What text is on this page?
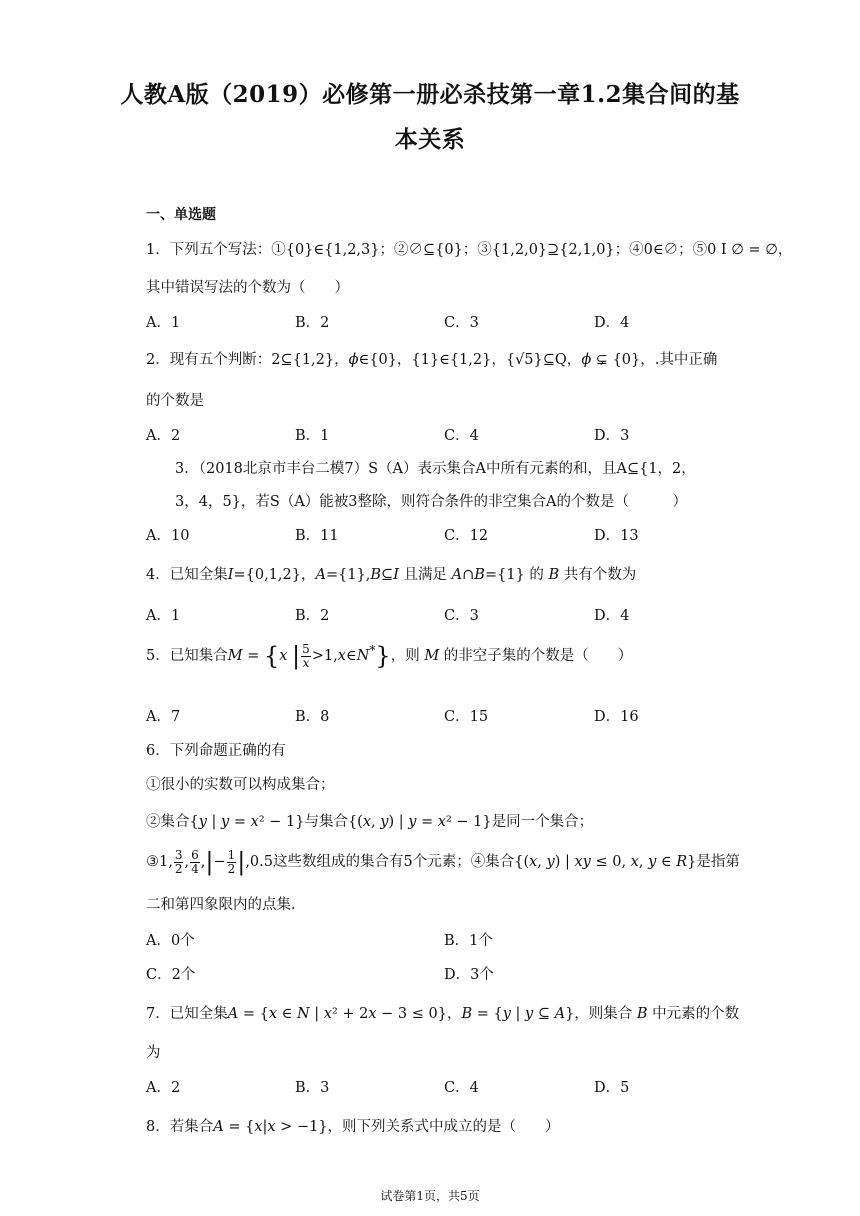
人教A版（2019）必修第一册必杀技第一章1.2集合间的基
本关系
一、单选题
1．下列五个写法：①{0}∈{1,2,3}；②∅⊆{0}；③{1,2,0}⊇{2,1,0}；④0∈∅；⑤0 I ∅ = ∅，
其中错误写法的个数为（　　）
A．1	B．2	C．3	D．4
2．现有五个判断：2⊆{1,2}，ϕ∈{0}，{1}∈{1,2}，{√5}⊆Q，ϕ ⊊ {0}，.其中正确
的个数是
A．2	B．1	C．4	D．3
3．（2018北京市丰台二模7）S（A）表示集合A中所有元素的和，且A⊆{1，2，
3，4，5}，若S（A）能被3整除，则符合条件的非空集合A的个数是（　　　）
A．10	B．11	C．12	D．13
4．已知全集I={0,1,2}，A={1},B⊆I 且满足 A∩B={1} 的 B 共有个数为
A．1	B．2	C．3	D．4
5．已知集合M = {x | $\frac{5}{x}$ >1,x∈N*}，则 M 的非空子集的个数是（　　）
A．7	B．8	C．15	D．16
6．下列命题正确的有
①很小的实数可以构成集合；
②集合{y | y = x² − 1}与集合{(x, y) | y = x² − 1}是同一个集合；
③1, $\frac{3}{2}$ , $\frac{6}{4}$ ,|− $\frac{1}{2} |,0.5$这些数组成的集合有5个元素；④集合{(x, y) | xy ≤ 0, x, y ∈ R}是指第
二和第四象限内的点集.
A．0个	B．1个
C．2个	D．3个
7．已知全集A = {x ∈ N | x² + 2x − 3 ≤ 0}，B = {y | y ⊆ A}，则集合 B 中元素的个数
为
A．2	B．3	C．4	D．5
8．若集合A = {x|x > −1}，则下列关系式中成立的是（　　）
试卷第1页，共5页
